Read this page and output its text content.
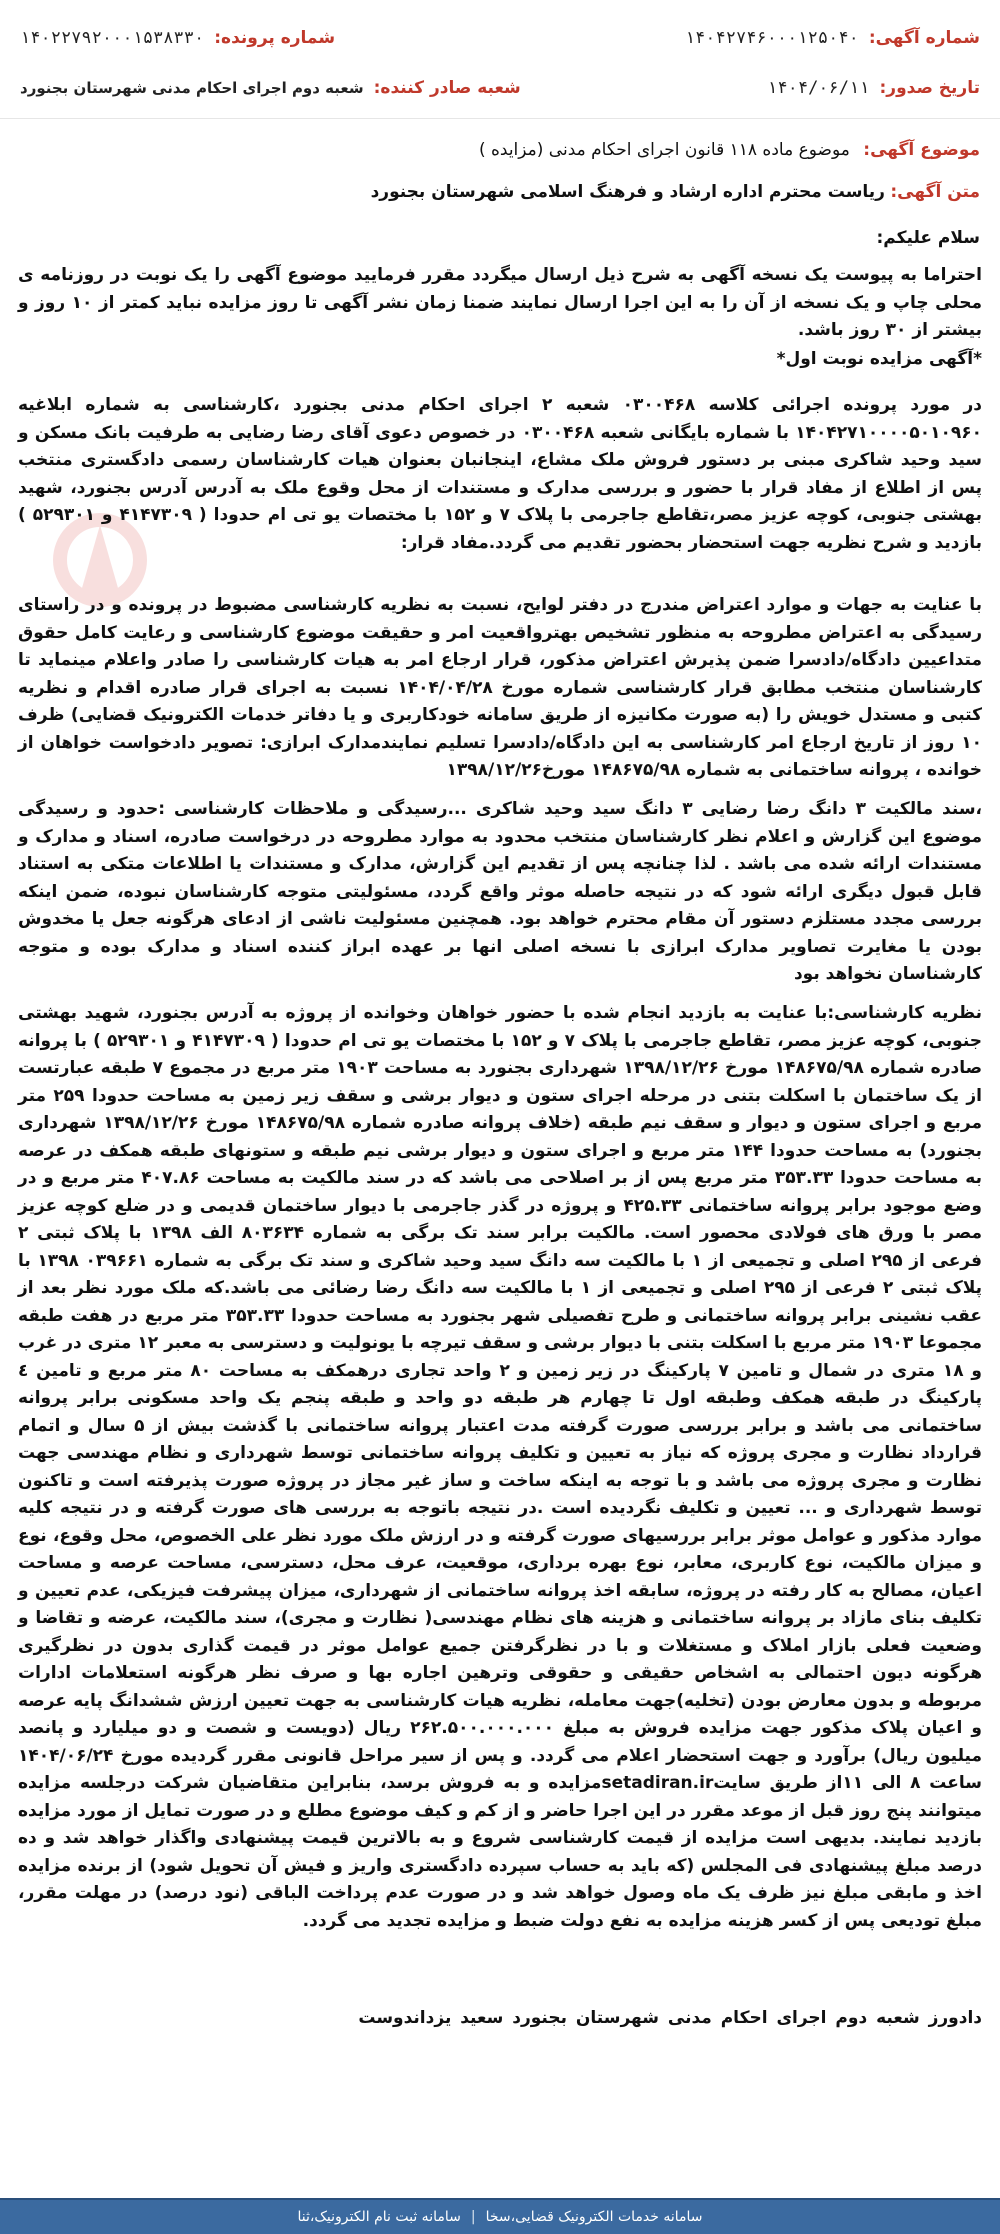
شماره آگهی:
۱۴۰۴۲۷۴۶۰۰۰۱۲۵۰۴۰
شماره پرونده:
۱۴۰۲۲۷۹۲۰۰۰۱۵۳۸۳۳۰
تاریخ صدور:
۱۴۰۴/۰۶/۱۱
شعبه صادر کننده:
شعبه دوم اجرای احکام مدنی شهرستان بجنورد
موضوع آگهی: موضوع ماده ۱۱۸ قانون اجرای احکام مدنی (مزایده )
متن آگهی: ریاست محترم اداره ارشاد و فرهنگ اسلامی شهرستان بجنورد
سلام علیکم:
احتراما به پیوست یک نسخه آگهی به شرح ذیل ارسال میگردد مقرر فرمایید موضوع آگهی را یک نوبت در روزنامه ی محلی چاپ و یک نسخه از آن را به این اجرا ارسال نمایند ضمنا زمان نشر آگهی تا روز مزایده نباید کمتر از ۱۰ روز و بیشتر از ۳۰ روز باشد.
*آگهی مزایده نوبت اول*
در مورد پرونده اجرائی کلاسه ۰۳۰۰۴۶۸ شعبه ۲ اجرای احکام مدنی بجنورد ،کارشناسی به شماره ابلاغیه ۱۴۰۴۲۷۱۰۰۰۰۵۰۱۰۹۶۰ با شماره بایگانی شعبه ۰۳۰۰۴۶۸ در خصوص دعوی آقای رضا رضایی به طرفیت بانک مسکن و سید وحید شاکری مبنی بر دستور فروش ملک مشاع، اینجانبان بعنوان هیات کارشناسان رسمی دادگستری منتخب پس از اطلاع از مفاد قرار با حضور و بررسی مدارک و مستندات از محل وقوع ملک به آدرس آدرس بجنورد، شهید بهشتی جنوبی، کوچه عزیز مصر،تقاطع جاجرمی با پلاک ۷ و ۱۵۲ با مختصات یو تی ام حدودا ( ۴۱۴۷۳۰۹ و ۵۲۹۳۰۱ ) بازدید و شرح نظریه جهت استحضار بحضور تقدیم می گردد.مفاد قرار:
با عنایت به جهات و موارد اعتراض مندرج در دفتر لوایح، نسبت به نظریه کارشناسی مضبوط در پرونده و در راستای رسیدگی به اعتراض مطروحه به منظور تشخیص بهترواقعیت امر و حقیقت موضوع کارشناسی و رعایت کامل حقوق متداعیین دادگاه/دادسرا ضمن پذیرش اعتراض مذکور، قرار ارجاع امر به هیات کارشناسی را صادر واعلام مینماید تا کارشناسان منتخب مطابق قرار کارشناسی شماره مورخ ۱۴۰۴/۰۴/۲۸ نسبت به اجرای قرار صادره اقدام و نظریه کتبی و مستدل خویش را (به صورت مکانیزه از طریق سامانه خودکاربری و یا دفاتر خدمات الکترونیک قضایی) ظرف ۱۰ روز از تاریخ ارجاع امر کارشناسی به این دادگاه/دادسرا تسلیم نمایندمدارک ابرازی: تصویر دادخواست خواهان از خوانده ، پروانه ساختمانی به شماره ۱۴۸۶۷۵/۹۸ مورخ۱۳۹۸/۱۲/۲۶
،سند مالکیت ۳ دانگ رضا رضایی ۳ دانگ سید وحید شاکری ...رسیدگی و ملاحظات کارشناسی :حدود و رسیدگی موضوع این گزارش و اعلام نظر کارشناسان منتخب محدود به موارد مطروحه در درخواست صادره، اسناد و مدارک و مستندات ارائه شده می باشد . لذا چنانچه پس از تقدیم این گزارش، مدارک و مستندات یا اطلاعات متکی به استناد قابل قبول دیگری ارائه شود که در نتیجه حاصله موثر واقع گردد، مسئولیتی متوجه کارشناسان نبوده، ضمن اینکه بررسی مجدد مستلزم دستور آن مقام محترم خواهد بود. همچنین مسئولیت ناشی از ادعای هرگونه جعل یا مخدوش بودن یا مغایرت تصاویر مدارک ابرازی با نسخه اصلی انها بر عهده ابراز کننده اسناد و مدارک بوده و متوجه کارشناسان نخواهد بود
نظریه کارشناسی:با عنایت به بازدید انجام شده با حضور خواهان وخوانده از پروژه به آدرس بجنورد، شهید بهشتی جنوبی، کوچه عزیز مصر، تقاطع جاجرمی با پلاک ۷ و ۱۵۲ با مختصات یو تی ام حدودا ( ۴۱۴۷۳۰۹ و ۵۲۹۳۰۱ ) با پروانه صادره شماره ۱۴۸۶۷۵/۹۸ مورخ ۱۳۹۸/۱۲/۲۶ شهرداری بجنورد به مساحت ۱۹۰۳ متر مربع در مجموع ۷ طبقه عبارتست از یک ساختمان با اسکلت بتنی در مرحله اجرای ستون و دیوار برشی و سقف زیر زمین به مساحت حدودا ۲۵۹ متر مربع و اجرای ستون و دیوار و سقف نیم طبقه (خلاف پروانه صادره شماره ۱۴۸۶۷۵/۹۸ مورخ ۱۳۹۸/۱۲/۲۶ شهرداری بجنورد) به مساحت حدودا ۱۴۴ متر مربع و اجرای ستون و دیوار برشی نیم طبقه و ستونهای طبقه همکف در عرصه به مساحت حدودا ۳۵۳.۳۳ متر مربع پس از بر اصلاحی می باشد که در سند مالکیت به مساحت ۴۰۷.۸۶ متر مربع و در وضع موجود برابر پروانه ساختمانی ۴۲۵.۳۳ و پروژه در گذر جاجرمی با دیوار ساختمان قدیمی و در ضلع کوچه عزیز مصر با ورق های فولادی محصور است. مالکیت برابر سند تک برگی به شماره ۸۰۳۶۳۴ الف ۱۳۹۸ با پلاک ثبتی ۲ فرعی از ۲۹۵ اصلی و تجمیعی از ۱ با مالکیت سه دانگ سید وحید شاکری و سند تک برگی به شماره ۰۳۹۶۶۱ ۱۳۹۸ با پلاک ثبتی ۲ فرعی از ۲۹۵ اصلی و تجمیعی از ۱ با مالکیت سه دانگ رضا رضائی می باشد.که ملک مورد نظر بعد از عقب نشینی برابر پروانه ساختمانی و طرح تفصیلی شهر بجنورد به مساحت حدودا ۳۵۳.۳۳ متر مربع در هفت طبقه مجموعا ۱۹۰۳ متر مربع با اسکلت بتنی با دیوار برشی و سقف تیرچه با یونولیت و دسترسی به معبر ۱۲ متری در غرب و ۱۸ متری در شمال و تامین ۷ پارکینگ در زیر زمین و ۲ واحد تجاری درهمکف به مساحت ۸۰ متر مربع و تامین ٤ پارکینگ در طبقه همکف وطبقه اول تا چهارم هر طبقه دو واحد و طبقه پنجم یک واحد مسکونی برابر پروانه ساختمانی می باشد و برابر بررسی صورت گرفته مدت اعتبار پروانه ساختمانی با گذشت بیش از ۵ سال و اتمام قرارداد نظارت و مجری پروژه که نیاز به تعیین و تکلیف پروانه ساختمانی توسط شهرداری و نظام مهندسی جهت نظارت و مجری پروژه می باشد و با توجه به اینکه ساخت و ساز غیر مجاز در پروژه صورت پذیرفته است و تاکنون توسط شهرداری و ... تعیین و تکلیف نگردیده است .در نتیجه باتوجه به بررسی های صورت گرفته و در نتیجه کلیه موارد مذکور و عوامل موثر برابر بررسیهای صورت گرفته و در ارزش ملک مورد نظر علی الخصوص، محل وقوع، نوع و میزان مالکیت، نوع کاربری، معابر، نوع بهره برداری، موقعیت، عرف محل، دسترسی، مساحت عرصه و مساحت اعیان، مصالح به کار رفته در پروژه، سابقه اخذ پروانه ساختمانی از شهرداری، میزان پیشرفت فیزیکی، عدم تعیین و تکلیف بنای مازاد بر پروانه ساختمانی و هزینه های نظام مهندسی( نظارت و مجری)، سند مالکیت، عرضه و تقاضا و وضعیت فعلی بازار املاک و مستغلات و با در نظرگرفتن جمیع عوامل موثر در قیمت گذاری بدون در نظرگیری هرگونه دیون احتمالی به اشخاص حقیقی و حقوقی وترهین اجاره بها و صرف نظر هرگونه استعلامات ادارات مربوطه و بدون معارض بودن (تخلیه)جهت معامله، نظریه هیات کارشناسی به جهت تعیین ارزش ششدانگ پایه عرصه و اعیان پلاک مذکور جهت مزایده فروش به مبلغ ۲۶۲.۵۰۰.۰۰۰.۰۰۰ ریال (دویست و شصت و دو میلیارد و پانصد میلیون ریال) برآورد و جهت استحضار اعلام می گردد. و پس از سیر مراحل قانونی مقرر گردیده مورخ ۱۴۰۴/۰۶/۲۴ ساعت ۸ الی ۱۱از طریق سایتsetadiran.irمزایده و به فروش برسد، بنابراین متقاضیان شرکت درجلسه مزایده میتوانند پنج روز قبل از موعد مقرر در این اجرا حاضر و از کم و کیف موضوع مطلع و در صورت تمایل از مورد مزایده بازدید نمایند. بدیهی است مزایده از قیمت کارشناسی شروع و به بالاترین قیمت پیشنهادی واگذار خواهد شد و ده درصد مبلغ پیشنهادی فی المجلس (که باید به حساب سپرده دادگستری واریز و فیش آن تحویل شود) از برنده مزایده اخذ و مابقی مبلغ نیز ظرف یک ماه وصول خواهد شد و در صورت عدم پرداخت الباقی (نود درصد) در مهلت مقرر، مبلغ تودیعی پس از کسر هزینه مزایده به نفع دولت ضبط و مزایده تجدید می گردد.
دادورز شعبه دوم اجرای احکام مدنی شهرستان بجنورد سعید یزداندوست
سامانه خدمات الکترونیک قضایی،سخا
|
سامانه ثبت نام الکترونیک،ثنا
